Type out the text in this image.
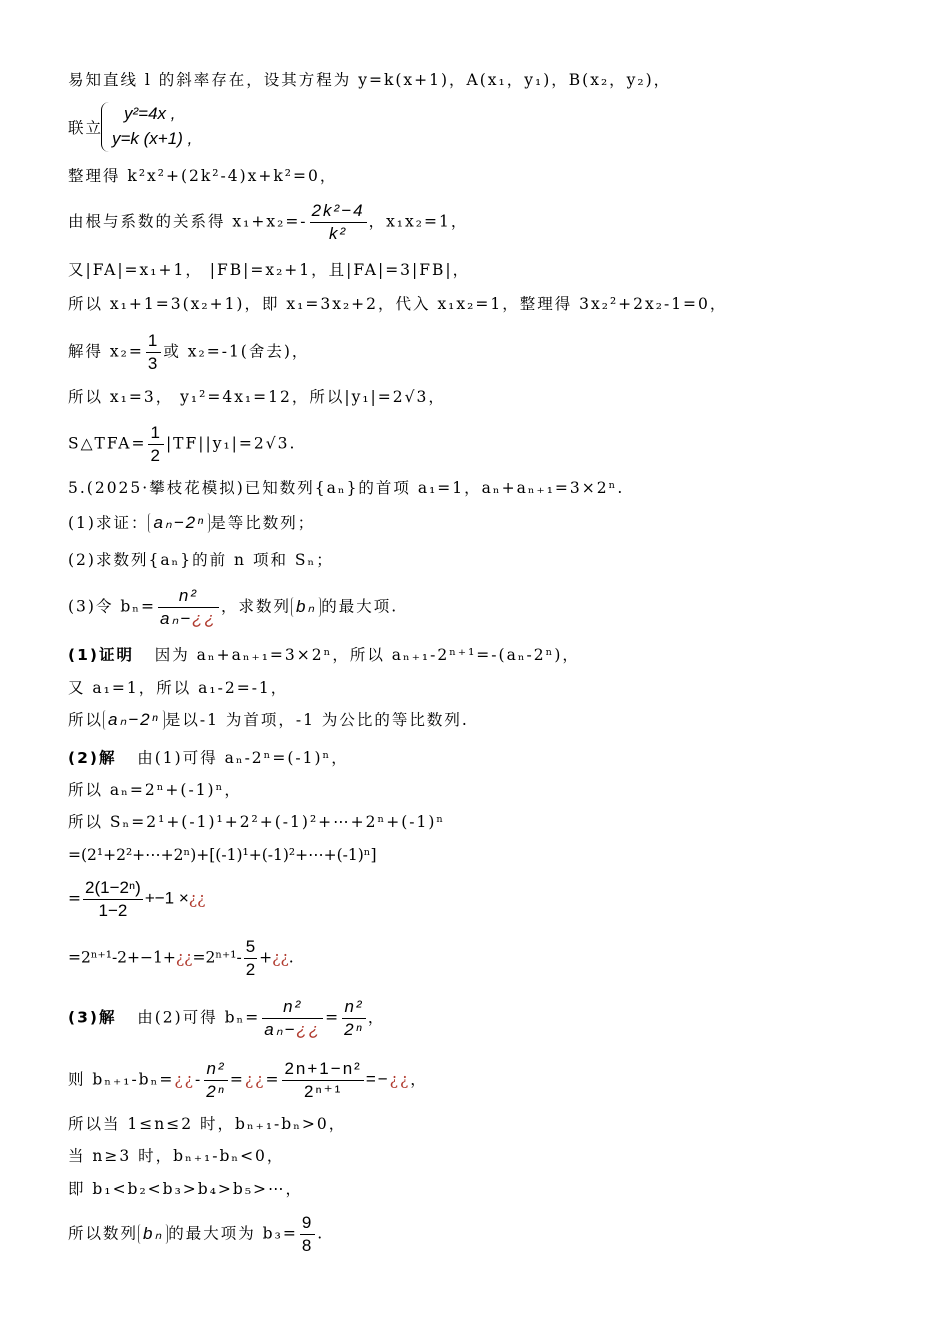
易知直线 l 的斜率存在，设其方程为 y=k(x+1)，A(x₁，y₁)，B(x₂，y₂)，
联立
y²=4x ,
y=k (x+1) ,
整理得 k²x²+(2k²-4)x+k²=0，
由根与系数的关系得 $x_1+x_2=- \frac{\text{2k²−4}}{\text{k²}}$ ，x₁x₂=1，
又|FA|=x₁+1， |FB|=x₂+1，且|FA|=3|FB|，
所以 x₁+1=3(x₂+1)，即 x₁=3x₂+2，代入 x₁x₂=1，整理得 3x₂²+2x₂-1=0，
解得 $x_2= \frac{1}{3}$ 或 x₂=-1(舍去)，
所以 x₁=3， y₁²=4x₁=12，所以|y₁|=2√3，
S△TFA= $\frac{1}{2} |TF||y_1|=2√3$.
5.(2025·攀枝花模拟)已知数列{aₙ}的首项 a₁=1，aₙ+aₙ₊₁=3×2ⁿ.
(1)求证： aₙ−2ⁿ 是等比数列；
(2)求数列{aₙ}的前 n 项和 Sₙ；
(3)令 $b_n= \frac{\text{n²}}{\text{aₙ−¿¿}}$ ，求数列 bₙ 的最大项.
(1)证明 因为 aₙ+aₙ₊₁=3×2ⁿ，所以 aₙ₊₁-2ⁿ⁺¹=-(aₙ-2ⁿ)，
又 a₁=1，所以 a₁-2=-1，
所以 aₙ−2ⁿ 是以-1 为首项，-1 为公比的等比数列.
(2)解 由(1)可得 aₙ-2ⁿ=(-1)ⁿ，
所以 aₙ=2ⁿ+(-1)ⁿ，
所以 Sₙ=2¹+(-1)¹+2²+(-1)²+⋯+2ⁿ+(-1)ⁿ
=(2¹+2²+⋯+2ⁿ)+[(-1)¹+(-1)²+⋯+(-1)ⁿ]
= $\frac{\text{2(1−2ⁿ)}}{1-2} +-1$ ×¿¿
=2ⁿ⁺¹-2+−1+¿¿=2ⁿ⁺¹- $\frac{5}{2}$ +¿¿.
(3)解 由(2)可得 $b_n= \frac{\text{n²}}{\text{aₙ−¿¿}} = \frac{\text{n²}}{\text{2ⁿ}}$ ，
则 bₙ₊₁-bₙ=¿¿- $\frac{\text{n²}}{\text{2ⁿ}}$ =¿¿= $\frac{\text{2n+1−n²}}{\text{2ⁿ⁺¹}}$ =−¿¿，
所以当 1≤n≤2 时，bₙ₊₁-bₙ>0，
当 n≥3 时，bₙ₊₁-bₙ<0，
即 b₁<b₂<b₃>b₄>b₅>⋯，
所以数列 bₙ 的最大项为 $b_3= \frac{9}{8}$ .
